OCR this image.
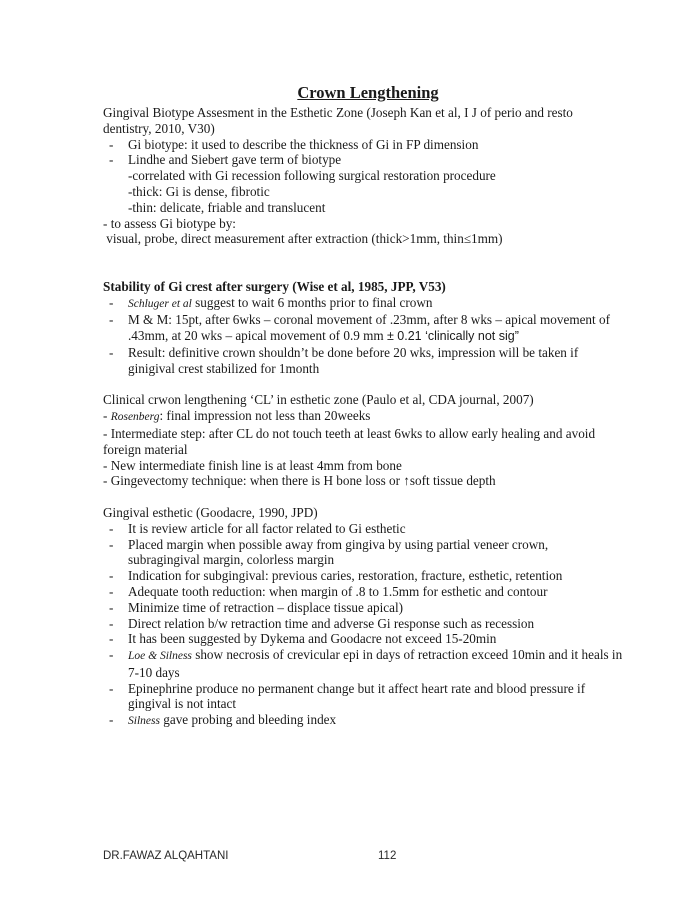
Crown Lengthening

Gingival Biotype Assesment in the Esthetic Zone (Joseph Kan et al, I J of perio and resto dentistry, 2010, V30)

- Gi biotype: it used to describe the thickness of Gi in FP dimension
- Lindhe and Siebert gave term of biotype

-correlated with Gi recession following surgical restoration procedure

-thick: Gi is dense, fibrotic

-thin: delicate, friable and translucent

- to assess Gi biotype by:

visual, probe, direct measurement after extraction (thick>1mm, thin≤1mm)

Stability of Gi crest after surgery (Wise et al, 1985, JPP, V53)

- Schluger et al suggest to wait 6 months prior to final crown
- M & M: 15pt, after 6wks – coronal movement of .23mm, after 8 wks – apical movement of .43mm, at 20 wks – apical movement of 0.9 mm ± 0.21 ‘clinically not sig”
- Result: definitive crown shouldn’t be done before 20 wks, impression will be taken if ginigival crest stabilized for 1month

Clinical crwon lengthening ‘CL’ in esthetic zone (Paulo et al, CDA journal, 2007)

- Rosenberg: final impression not less than 20weeks

- Intermediate step: after CL do not touch teeth at least 6wks to allow early healing and avoid foreign material

- New intermediate finish line is at least 4mm from bone

- Gingevectomy technique: when there is H bone loss or ↑soft tissue depth

Gingival esthetic (Goodacre, 1990, JPD)

- It is review article for all factor related to Gi esthetic
- Placed margin when possible away from gingiva by using partial veneer crown, subragingival margin, colorless margin
- Indication for subgingival: previous caries, restoration, fracture, esthetic, retention
- Adequate tooth reduction: when margin of .8 to 1.5mm for esthetic and contour
- Minimize time of retraction – displace tissue apical)
- Direct relation b/w retraction time and adverse Gi response such as recession
- It has been suggested by Dykema and Goodacre not exceed 15-20min
- Loe & Silness show necrosis of crevicular epi in days of retraction exceed 10min and it heals in 7-10 days
- Epinephrine produce no permanent change but it affect heart rate and blood pressure if gingival is not intact
- Silness gave probing and bleeding index
DR.FAWAZ ALQAHTANI	112
